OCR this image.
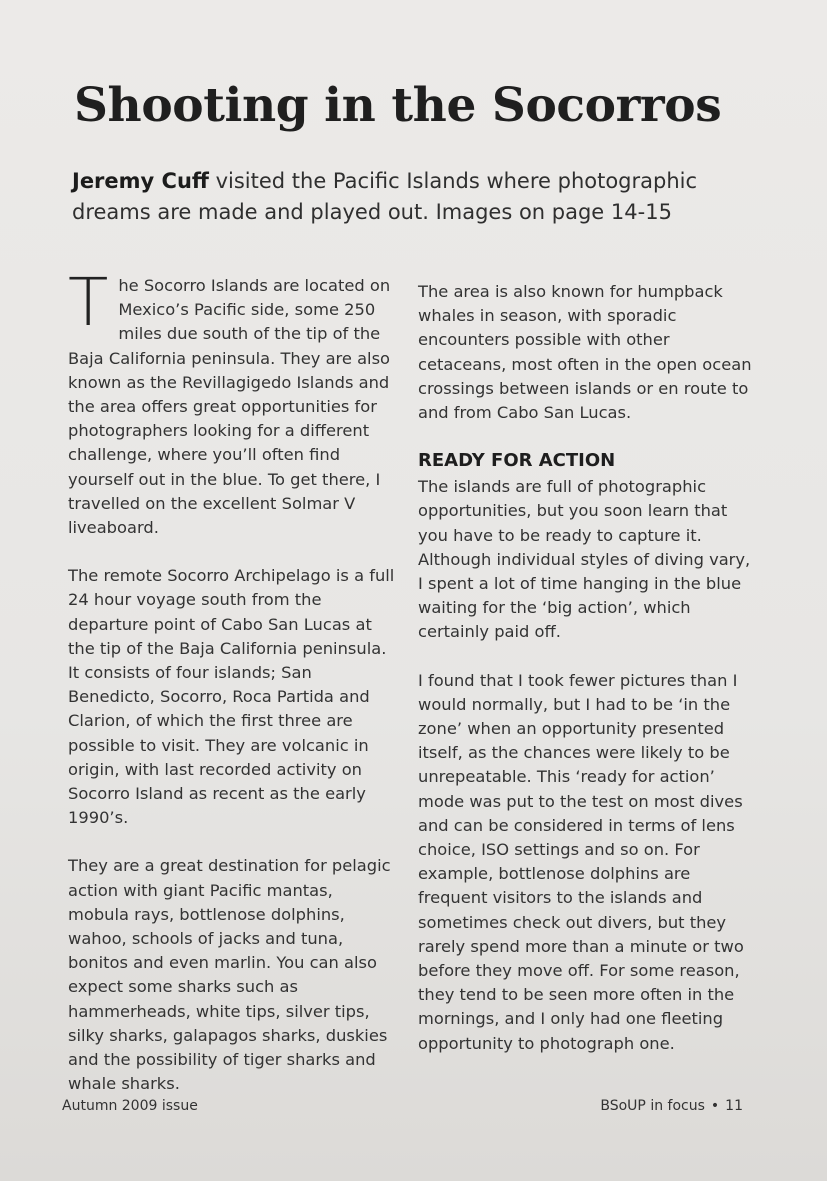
Shooting in the Socorros

Jeremy Cuff visited the Pacific Islands where photographic dreams are made and played out. Images on page 14-15

The Socorro Islands are located on Mexico’s Pacific side, some 250 miles due south of the tip of the Baja California peninsula. They are also known as the Revillagigedo Islands and the area offers great opportunities for photographers looking for a different challenge, where you’ll often find yourself out in the blue. To get there, I travelled on the excellent Solmar V liveaboard.

The remote Socorro Archipelago is a full 24 hour voyage south from the departure point of Cabo San Lucas at the tip of the Baja California peninsula. It consists of four islands; San Benedicto, Socorro, Roca Partida and Clarion, of which the first three are possible to visit. They are volcanic in origin, with last recorded activity on Socorro Island as recent as the early 1990’s.

They are a great destination for pelagic action with giant Pacific mantas, mobula rays, bottlenose dolphins, wahoo, schools of jacks and tuna, bonitos and even marlin. You can also expect some sharks such as hammerheads, white tips, silver tips, silky sharks, galapagos sharks, duskies and the possibility of tiger sharks and whale sharks.

The area is also known for humpback whales in season, with sporadic encounters possible with other cetaceans, most often in the open ocean crossings between islands or en route to and from Cabo San Lucas.

READY FOR ACTION

The islands are full of photographic opportunities, but you soon learn that you have to be ready to capture it. Although individual styles of diving vary, I spent a lot of time hanging in the blue waiting for the ‘big action’, which certainly paid off.

I found that I took fewer pictures than I would normally, but I had to be ‘in the zone’ when an opportunity presented itself, as the chances were likely to be unrepeatable. This ‘ready for action’ mode was put to the test on most dives and can be considered in terms of lens choice, ISO settings and so on. For example, bottlenose dolphins are frequent visitors to the islands and sometimes check out divers, but they rarely spend more than a minute or two before they move off. For some reason, they tend to be seen more often in the mornings, and I only had one fleeting opportunity to photograph one.

Autumn 2009 issue	BSoUP in focus • 11
